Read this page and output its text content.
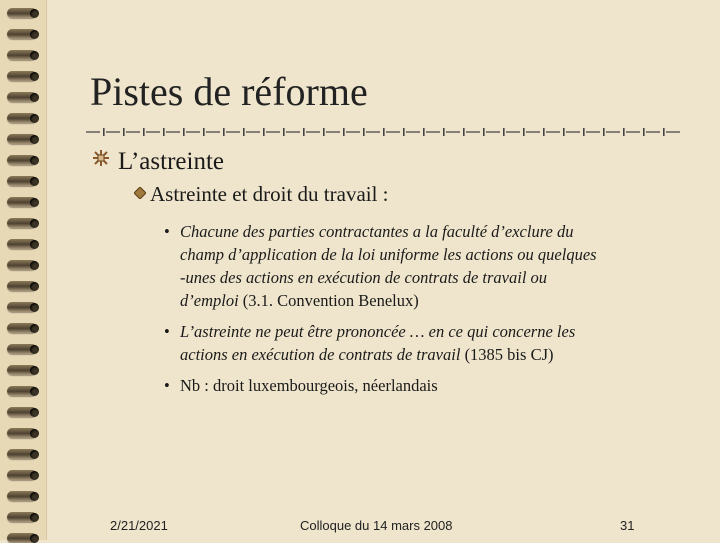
Pistes de réforme
L’astreinte
Astreinte et droit du travail :
• Chacune des parties contractantes a la faculté d’exclure du
champ d’application de la loi uniforme les actions ou quelques
-unes des actions en exécution de contrats de travail ou
d’emploi (3.1. Convention Benelux)
• L’astreinte ne peut être prononcée … en ce qui concerne les
actions en exécution de contrats de travail (1385 bis CJ)
• Nb : droit luxembourgeois, néerlandais
2/21/2021	Colloque du 14 mars 2008	31
